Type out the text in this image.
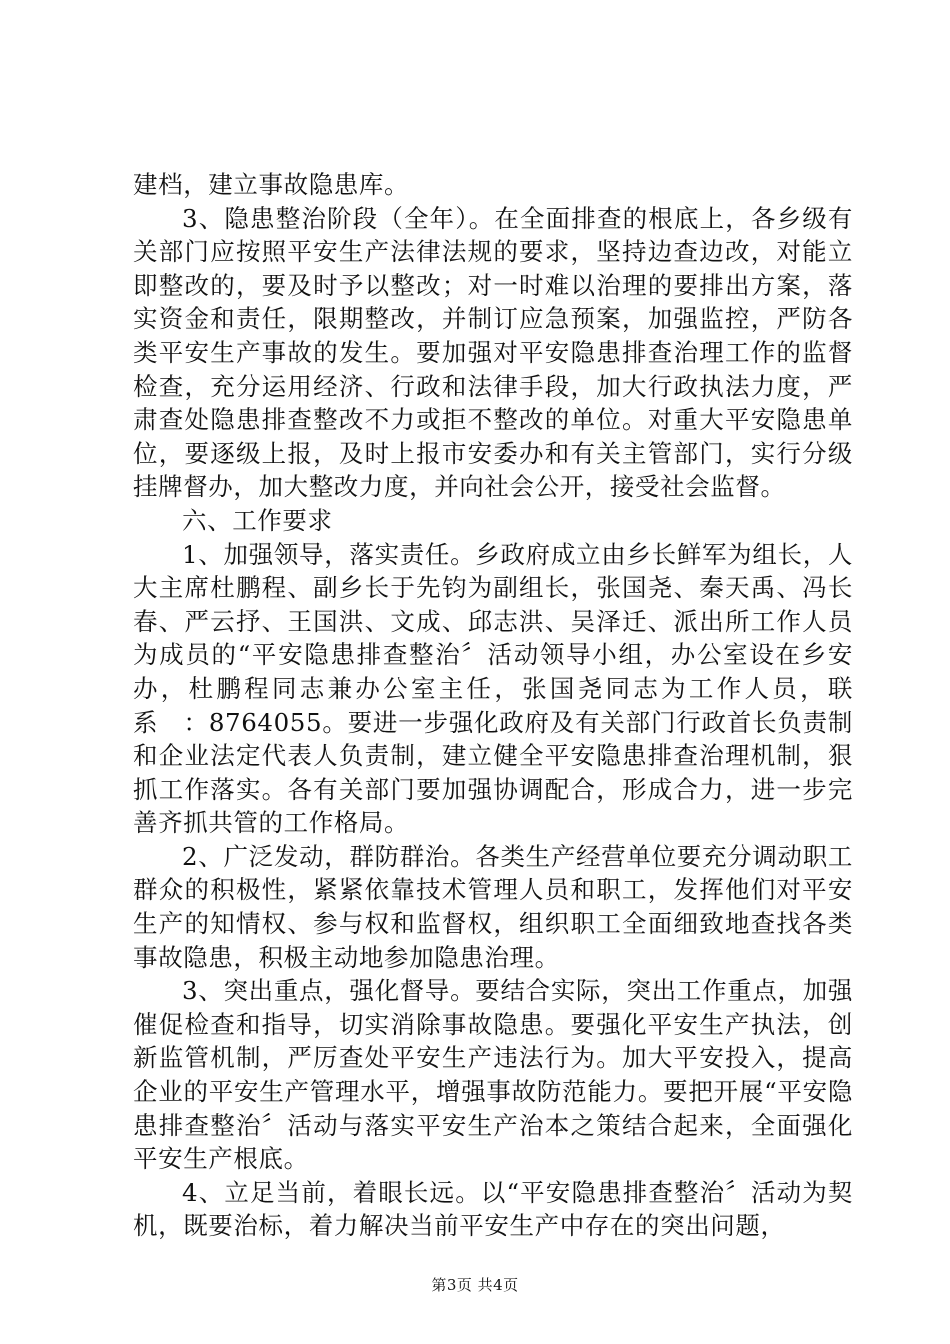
建档，建立事故隐患库。

3、隐患整治阶段（全年）。在全面排查的根底上，各乡级有关部门应按照平安生产法律法规的要求，坚持边查边改，对能立即整改的，要及时予以整改；对一时难以治理的要排出方案，落实资金和责任，限期整改，并制订应急预案，加强监控，严防各类平安生产事故的发生。要加强对平安隐患排查治理工作的监督检查，充分运用经济、行政和法律手段，加大行政执法力度，严肃查处隐患排查整改不力或拒不整改的单位。对重大平安隐患单位，要逐级上报，及时上报市安委办和有关主管部门，实行分级挂牌督办，加大整改力度，并向社会公开，接受社会监督。

六、工作要求

1、加强领导，落实责任。乡政府成立由乡长鲜军为组长，人大主席杜鹏程、副乡长于先钧为副组长，张国尧、秦天禹、冯长春、严云抒、王国洪、文成、邱志洪、吴泽迁、派出所工作人员为成员的“平安隐患排查整治〞活动领导小组，办公室设在乡安办，杜鹏程同志兼办公室主任，张国尧同志为工作人员，联系　：8764055。要进一步强化政府及有关部门行政首长负责制和企业法定代表人负责制，建立健全平安隐患排查治理机制，狠抓工作落实。各有关部门要加强协调配合，形成合力，进一步完善齐抓共管的工作格局。

2、广泛发动，群防群治。各类生产经营单位要充分调动职工群众的积极性，紧紧依靠技术管理人员和职工，发挥他们对平安生产的知情权、参与权和监督权，组织职工全面细致地查找各类事故隐患，积极主动地参加隐患治理。

3、突出重点，强化督导。要结合实际，突出工作重点，加强催促检查和指导，切实消除事故隐患。要强化平安生产执法，创新监管机制，严厉查处平安生产违法行为。加大平安投入，提高企业的平安生产管理水平，增强事故防范能力。要把开展“平安隐患排查整治〞活动与落实平安生产治本之策结合起来，全面强化平安生产根底。

4、立足当前，着眼长远。以“平安隐患排查整治〞活动为契机，既要治标，着力解决当前平安生产中存在的突出问题，

第3页 共4页
